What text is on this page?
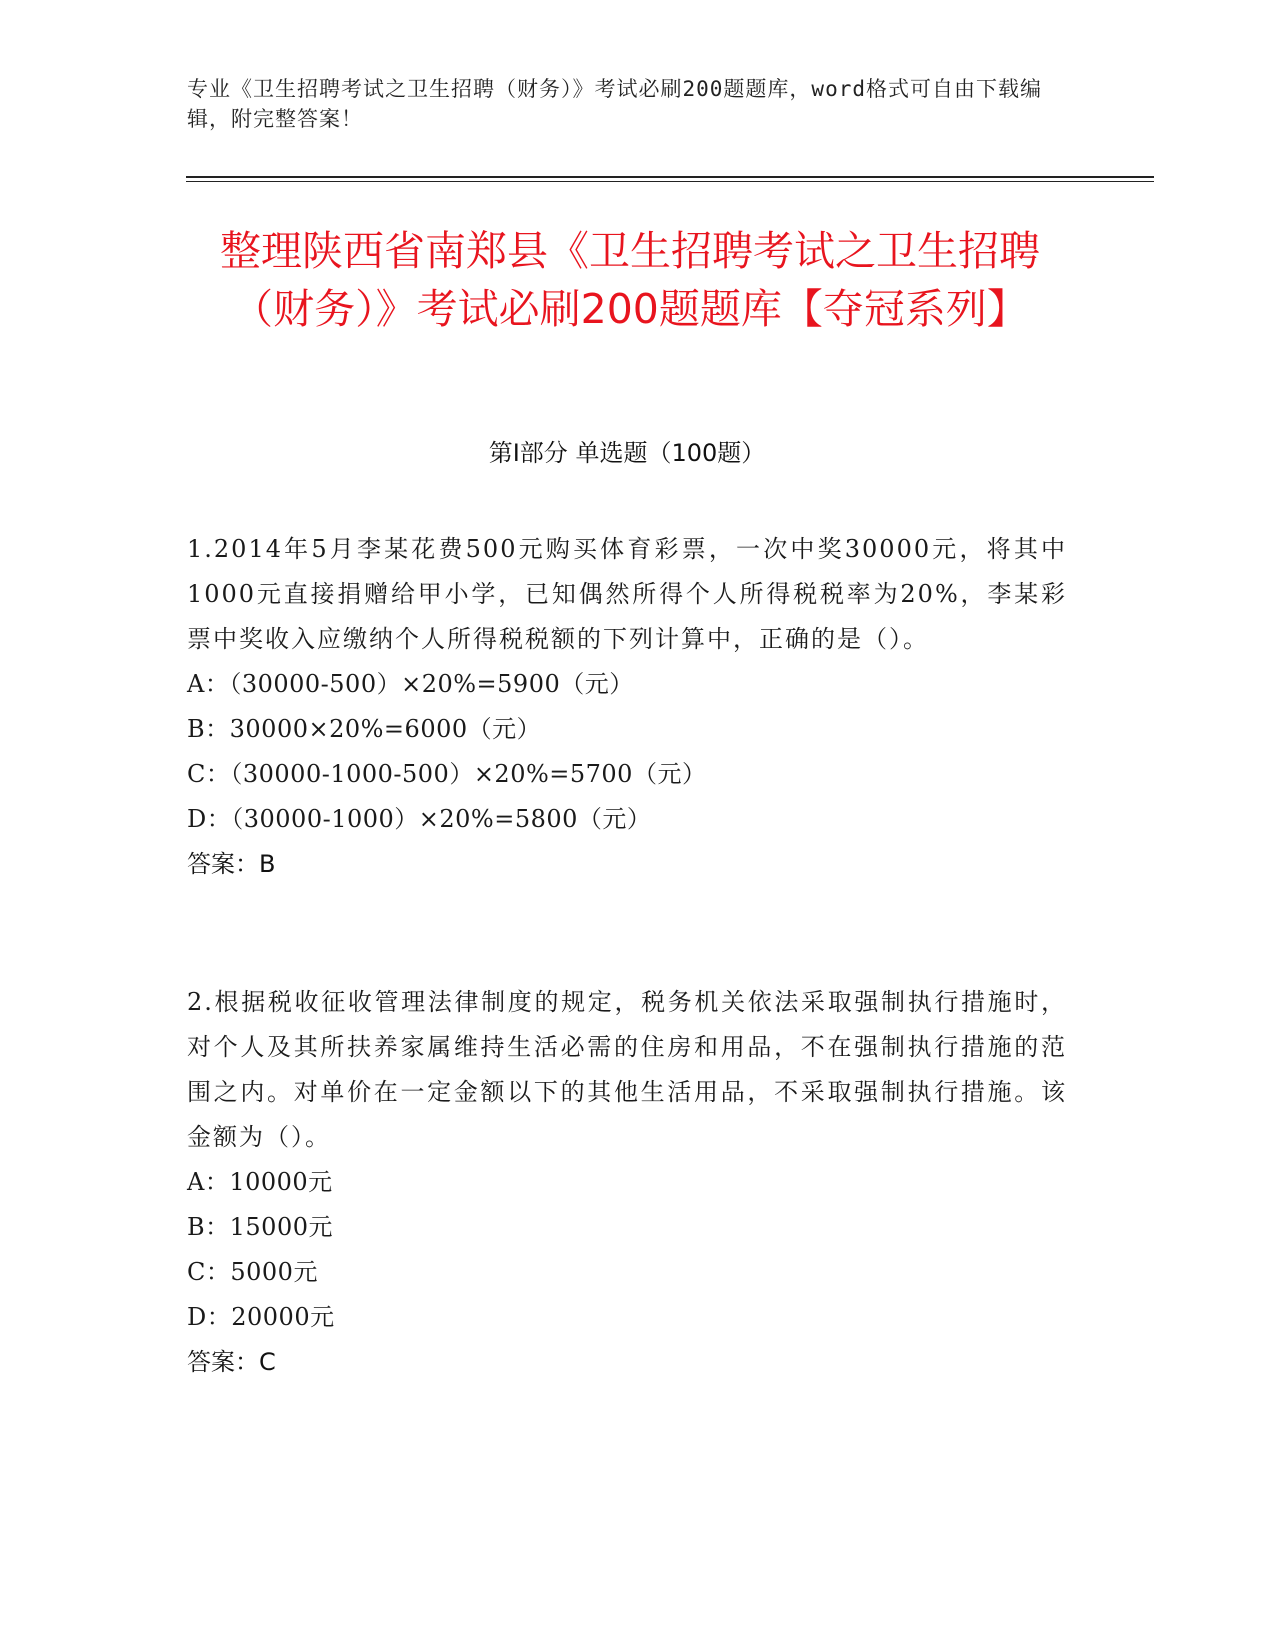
专业《卫生招聘考试之卫生招聘（财务）》考试必刷200题题库，word格式可自由下载编辑，附完整答案！
整理陕西省南郑县《卫生招聘考试之卫生招聘（财务）》考试必刷200题题库【夺冠系列】
第Ⅰ部分 单选题（100题）
1.2014年5月李某花费500元购买体育彩票，一次中奖30000元，将其中1000元直接捐赠给甲小学，已知偶然所得个人所得税税率为20%，李某彩票中奖收入应缴纳个人所得税税额的下列计算中，正确的是（）。
A：（30000-500）×20%=5900（元）
B：30000×20%=6000（元）
C：（30000-1000-500）×20%=5700（元）
D：（30000-1000）×20%=5800（元）
答案：B
2.根据税收征收管理法律制度的规定，税务机关依法采取强制执行措施时，对个人及其所扶养家属维持生活必需的住房和用品，不在强制执行措施的范围之内。对单价在一定金额以下的其他生活用品，不采取强制执行措施。该金额为（）。
A：10000元
B：15000元
C：5000元
D：20000元
答案：C
